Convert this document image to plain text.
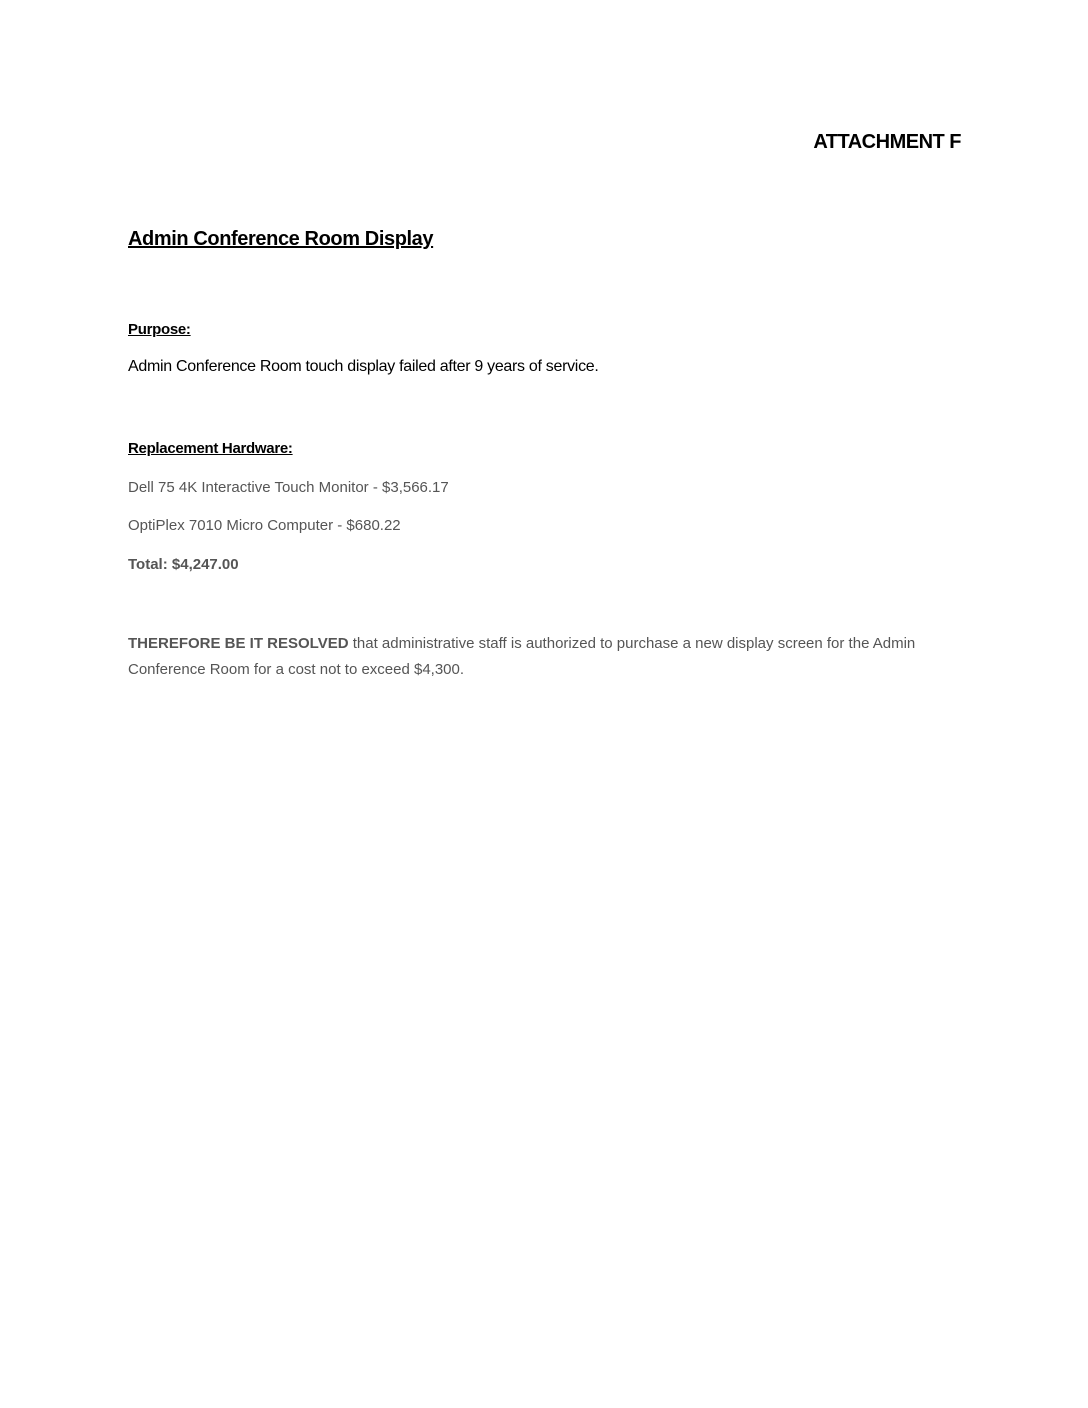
ATTACHMENT F
Admin Conference Room Display
Purpose:
Admin Conference Room touch display failed after 9 years of service.
Replacement Hardware:
Dell 75 4K Interactive Touch Monitor - $3,566.17
OptiPlex 7010 Micro Computer - $680.22
Total: $4,247.00
THEREFORE BE IT RESOLVED that administrative staff is authorized to purchase a new display screen for the Admin Conference Room for a cost not to exceed $4,300.
